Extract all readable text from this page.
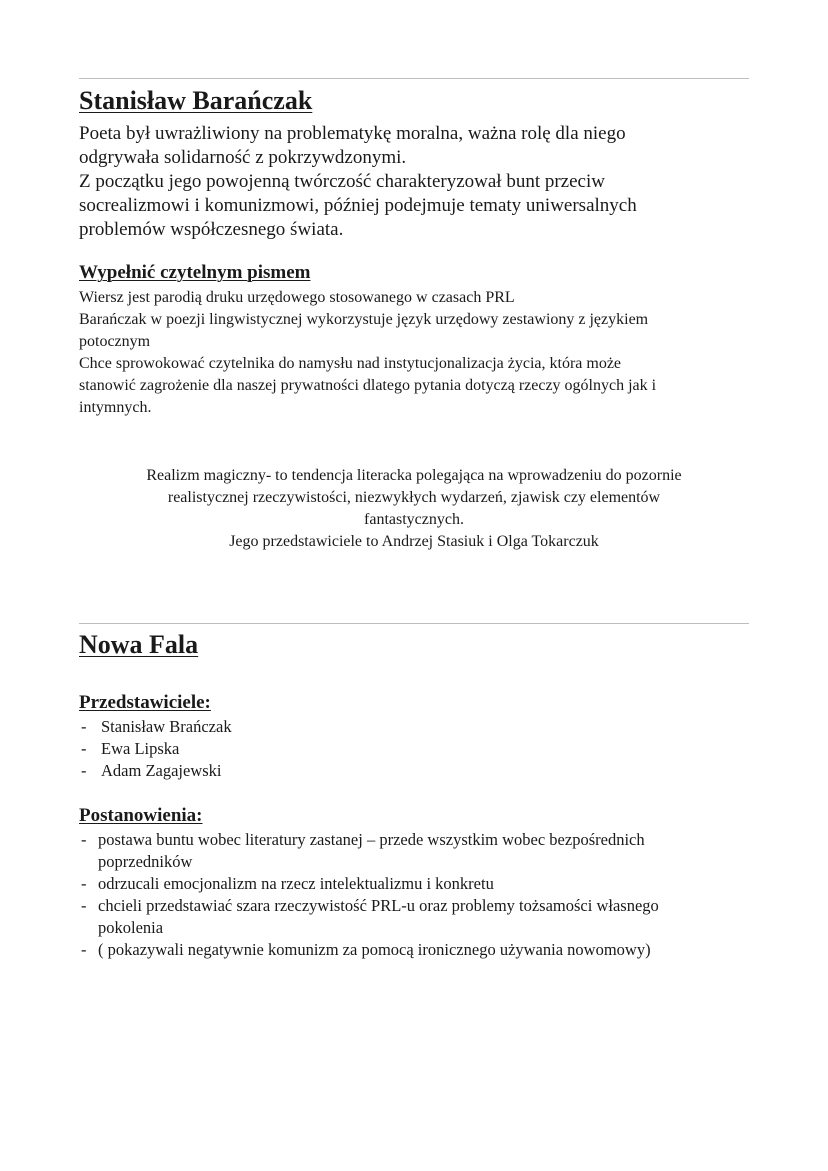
Stanisław Barańczak

Poeta był uwrażliwiony na problematykę moralna, ważna rolę dla niego

odgrywała solidarność z pokrzywdzonymi.

Z początku jego powojenną twórczość charakteryzował bunt przeciw

socrealizmowi i komunizmowi, później podejmuje tematy uniwersalnych

problemów współczesnego świata.

Wypełnić czytelnym pismem

Wiersz jest parodią druku urzędowego stosowanego w czasach PRL

Barańczak w poezji lingwistycznej wykorzystuje język urzędowy zestawiony z językiem

potocznym

Chce sprowokować czytelnika do namysłu nad instytucjonalizacja życia, która może

stanowić zagrożenie dla naszej prywatności dlatego pytania dotyczą rzeczy ogólnych jak i

intymnych.

Realizm magiczny- to tendencja literacka polegająca na wprowadzeniu do pozornie

realistycznej rzeczywistości, niezwykłych wydarzeń, zjawisk czy elementów

fantastycznych.

Jego przedstawiciele to Andrzej Stasiuk i Olga Tokarczuk

Nowa Fala
Przedstawiciele:
- Stanisław Brańczak
- Ewa Lipska
- Adam Zagajewski
Postanowienia:
- postawa buntu wobec literatury zastanej – przede wszystkim wobec bezpośrednich poprzedników
- odrzucali emocjonalizm na rzecz intelektualizmu i konkretu
- chcieli przedstawiać szara rzeczywistość PRL-u oraz problemy tożsamości własnego pokolenia
- ( pokazywali negatywnie komunizm za pomocą ironicznego używania nowomowy)
